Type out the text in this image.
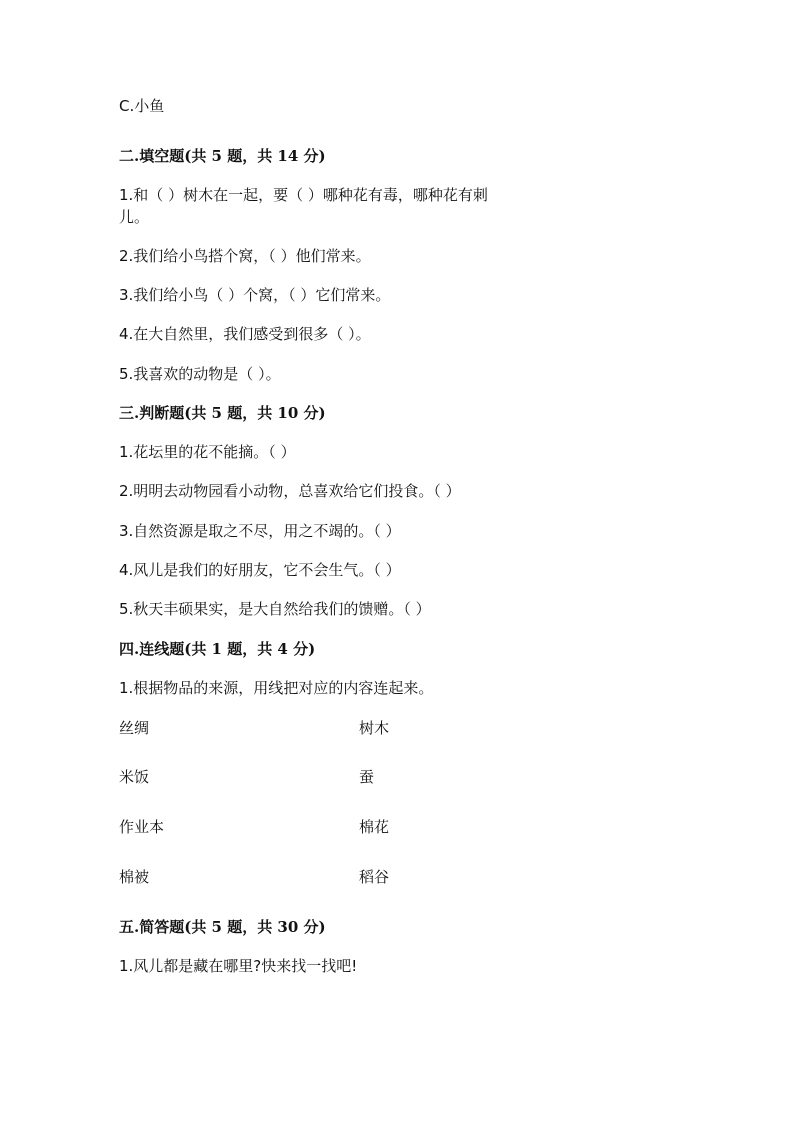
C.小鱼
二.填空题(共 5 题，共 14 分)
1.和（ ）树木在一起，要（ ）哪种花有毒，哪种花有刺
儿。
2.我们给小鸟搭个窝，（ ）他们常来。
3.我们给小鸟（ ）个窝，（ ）它们常来。
4.在大自然里，我们感受到很多（ ）。
5.我喜欢的动物是（ ）。
三.判断题(共 5 题，共 10 分)
1.花坛里的花不能摘。（ ）
2.明明去动物园看小动物，总喜欢给它们投食。（ ）
3.自然资源是取之不尽，用之不竭的。（ ）
4.风儿是我们的好朋友，它不会生气。（ ）
5.秋天丰硕果实，是大自然给我们的馈赠。（ ）
四.连线题(共 1 题，共 4 分)
1.根据物品的来源，用线把对应的内容连起来。
丝绸	树木
米饭	蚕
作业本	棉花
棉被	稻谷
五.简答题(共 5 题，共 30 分)
1.风儿都是藏在哪里?快来找一找吧!
